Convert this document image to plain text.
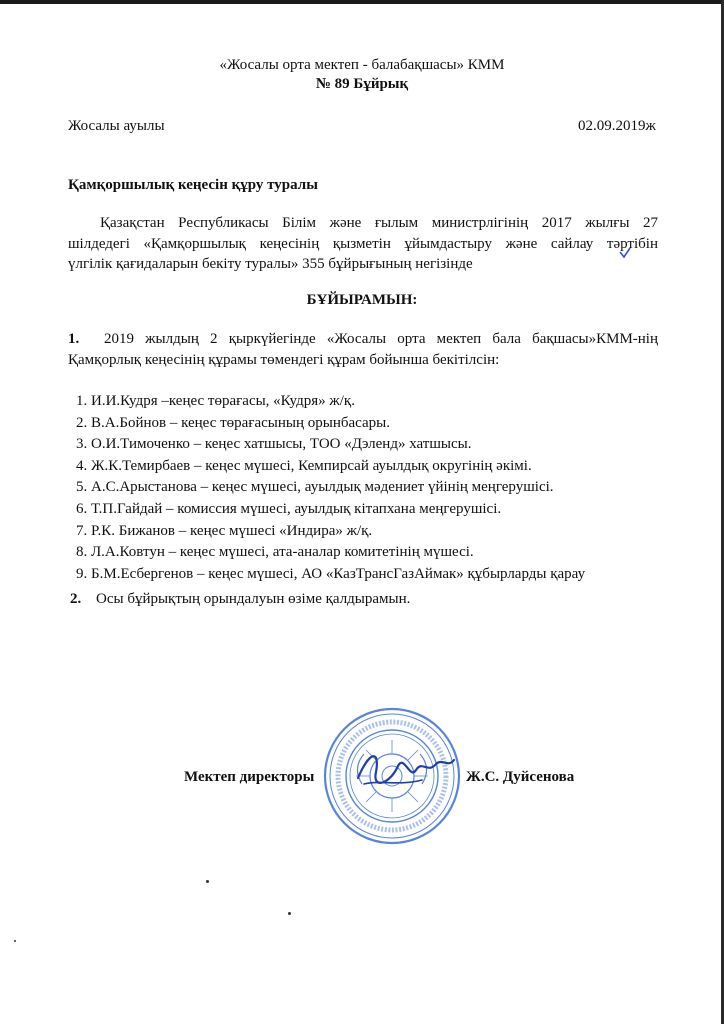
«Жосалы орта мектеп - балабақшасы» КММ
№ 89 Бұйрық
Жосалы ауылы	02.09.2019ж
Қамқоршылық кеңесін құру туралы
Қазақстан Республикасы Білім және ғылым министрлігінің 2017 жылғы 27
шілдедегі «Қамқоршылық кеңесінің қызметін ұйымдастыру және сайлау тәртібін
үлгілік қағидаларын бекіту туралы» 355 бұйрығының негізінде
БҰЙЫРАМЫН:
1.	2019 жылдың 2 қыркүйегінде «Жосалы орта мектеп бала бақшасы»КММ-нің
Қамқорлық кеңесінің құрамы төмендегі құрам бойынша бекітілсін:
1. И.И.Кудря –кеңес төрағасы, «Кудря» ж/қ.
2. В.А.Бойнов – кеңес төрағасының орынбасары.
3. О.И.Тимоченко – кеңес хатшысы, ТОО «Дэленд» хатшысы.
4. Ж.К.Темирбаев – кеңес мүшесі, Кемпирсай ауылдық округінің әкімі.
5. А.С.Арыстанова – кеңес мүшесі, ауылдық мәдениет үйінің меңгерушісі.
6. Т.П.Гайдай – комиссия мүшесі, ауылдық кітапхана меңгерушісі.
7. Р.К. Бижанов – кеңес мүшесі «Индира» ж/қ.
8. Л.А.Ковтун – кеңес мүшесі, ата-аналар комитетінің мүшесі.
9. Б.М.Есбергенов – кеңес мүшесі, АО «КазТрансГазАймак» құбырларды қарау
2. Осы бұйрықтың орындалуын өзіме қалдырамын.
Мектеп директоры	Ж.С. Дуйсенова
